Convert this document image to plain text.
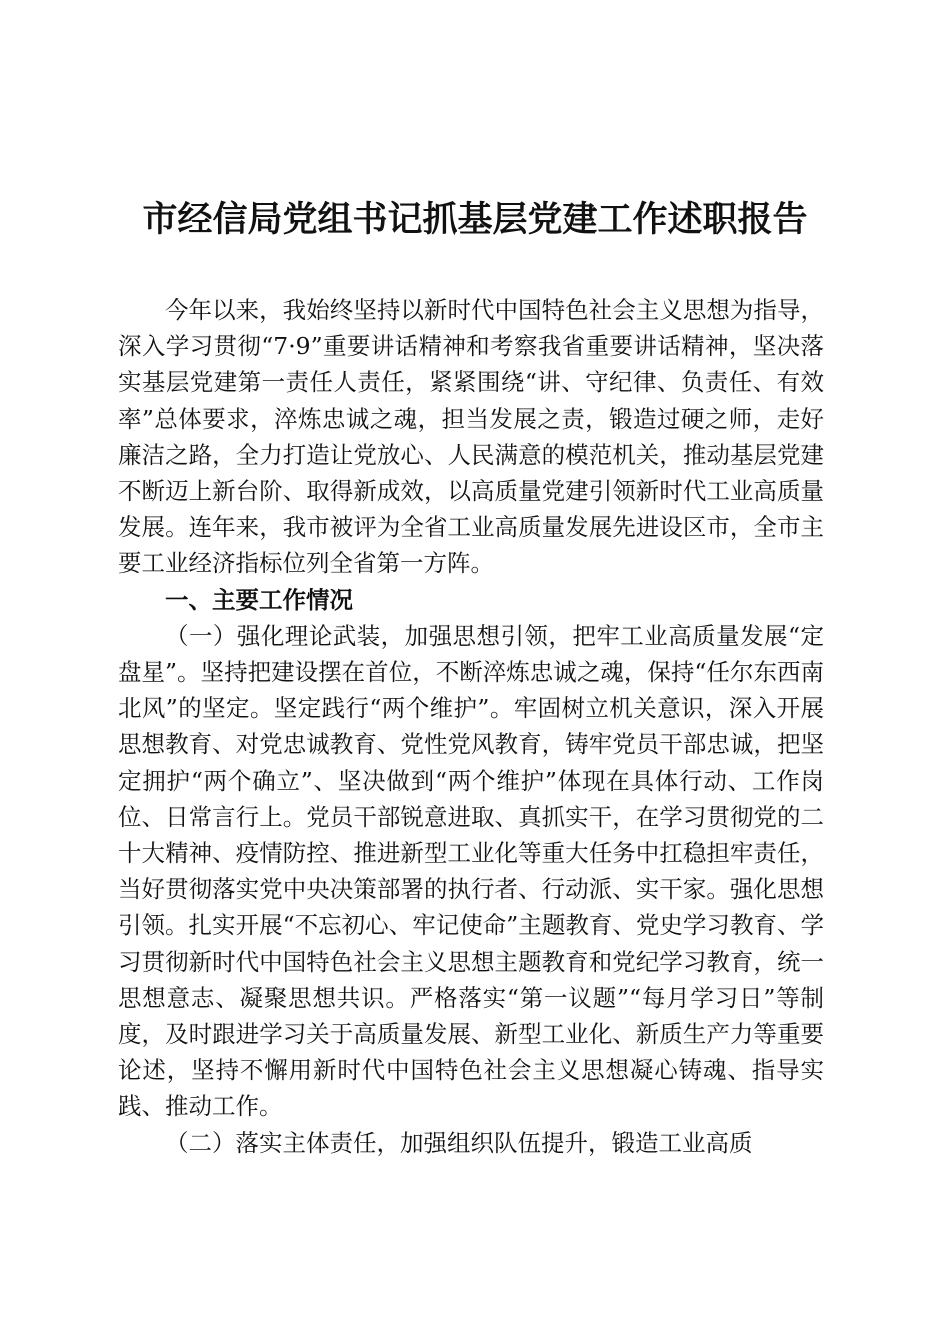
市经信局党组书记抓基层党建工作述职报告

今年以来，我始终坚持以新时代中国特色社会主义思想为指导，深入学习贯彻“7·9”重要讲话精神和考察我省重要讲话精神，坚决落实基层党建第一责任人责任，紧紧围绕“讲、守纪律、负责任、有效率”总体要求，淬炼忠诚之魂，担当发展之责，锻造过硬之师，走好廉洁之路，全力打造让党放心、人民满意的模范机关，推动基层党建不断迈上新台阶、取得新成效，以高质量党建引领新时代工业高质量发展。连年来，我市被评为全省工业高质量发展先进设区市，全市主要工业经济指标位列全省第一方阵。

一、主要工作情况

（一）强化理论武装，加强思想引领，把牢工业高质量发展“定盘星”。坚持把建设摆在首位，不断淬炼忠诚之魂，保持“任尔东西南北风”的坚定。坚定践行“两个维护”。牢固树立机关意识，深入开展思想教育、对党忠诚教育、党性党风教育，铸牢党员干部忠诚，把坚定拥护“两个确立”、坚决做到“两个维护”体现在具体行动、工作岗位、日常言行上。党员干部锐意进取、真抓实干，在学习贯彻党的二十大精神、疫情防控、推进新型工业化等重大任务中扛稳担牢责任，当好贯彻落实党中央决策部署的执行者、行动派、实干家。强化思想引领。扎实开展“不忘初心、牢记使命”主题教育、党史学习教育、学习贯彻新时代中国特色社会主义思想主题教育和党纪学习教育，统一思想意志、凝聚思想共识。严格落实“第一议题”“每月学习日”等制度，及时跟进学习关于高质量发展、新型工业化、新质生产力等重要论述，坚持不懈用新时代中国特色社会主义思想凝心铸魂、指导实践、推动工作。

（二）落实主体责任，加强组织队伍提升，锻造工业高质
